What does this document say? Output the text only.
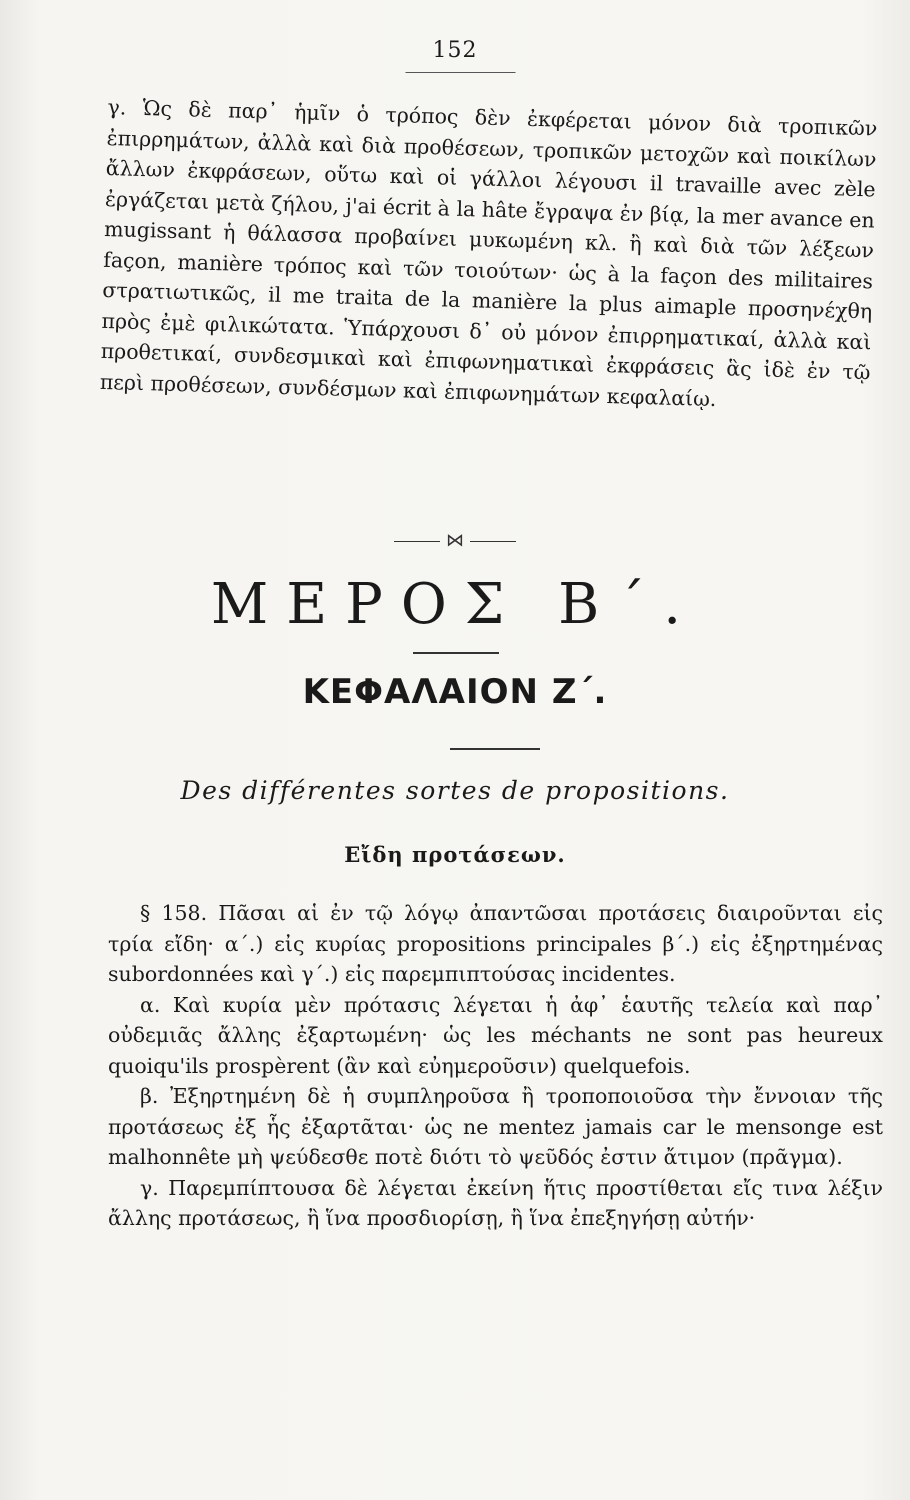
152

γ. Ὡς δὲ παρ᾽ ἡμῖν ὁ τρόπος δὲν ἐκφέρεται μόνον διὰ τροπικῶν ἐπιρρημάτων, ἀλλὰ καὶ διὰ προθέσεων, τροπικῶν μετοχῶν καὶ ποικίλων ἄλλων ἐκφράσεων, οὕτω καὶ οἱ γάλλοι λέγουσι il travaille avec zèle ἐργάζεται μετὰ ζήλου, j'ai écrit à la hâte ἔγραψα ἐν βίᾳ, la mer avance en mugissant ἡ θάλασσα προβαίνει μυκωμένη κλ. ἢ καὶ διὰ τῶν λέξεων façon, manière τρόπος καὶ τῶν τοιούτων· ὡς à la façon des militaires στρατιωτικῶς, il me traita de la manière la plus aimaple προσηνέχθη πρὸς ἐμὲ φιλικώτατα. Ὑπάρχουσι δ᾽ οὐ μόνον ἐπιρρηματικαί, ἀλλὰ καὶ προθετικαί, συνδεσμικαὶ καὶ ἐπιφωνηματικαὶ ἐκφράσεις ἃς ἰδὲ ἐν τῷ περὶ προθέσεων, συνδέσμων καὶ ἐπιφωνημάτων κεφαλαίῳ.

⋈
ΜΕΡΟΣ Β΄.
ΚΕΦΑΛΑΙΟΝ Ζ΄.
Des différentes sortes de propositions.
Εἴδη προτάσεων.

§ 158. Πᾶσαι αἱ ἐν τῷ λόγῳ ἀπαντῶσαι προτάσεις διαιροῦνται εἰς τρία εἴδη· α΄.) εἰς κυρίας propositions principales β΄.) εἰς ἐξηρτημένας subordonnées καὶ γ΄.) εἰς παρεμπιπτούσας incidentes.

α. Καὶ κυρία μὲν πρότασις λέγεται ἡ ἀφ᾽ ἑαυτῆς τελεία καὶ παρ᾽ οὐδεμιᾶς ἄλλης ἐξαρτωμένη· ὡς les méchants ne sont pas heureux quoiqu'ils prospèrent (ἂν καὶ εὐημεροῦσιν) quelquefois.

β. Ἐξηρτημένη δὲ ἡ συμπληροῦσα ἢ τροποποιοῦσα τὴν ἔννοιαν τῆς προτάσεως ἐξ ἧς ἐξαρτᾶται· ὡς ne mentez jamais car le mensonge est malhonnête μὴ ψεύδεσθε ποτὲ διότι τὸ ψεῦδός ἐστιν ἄτιμον (πρᾶγμα).

γ. Παρεμπίπτουσα δὲ λέγεται ἐκείνη ἥτις προστίθεται εἴς τινα λέξιν ἄλλης προτάσεως, ἢ ἵνα προσδιορίσῃ, ἢ ἵνα ἐπεξηγήσῃ αὐτήν·
